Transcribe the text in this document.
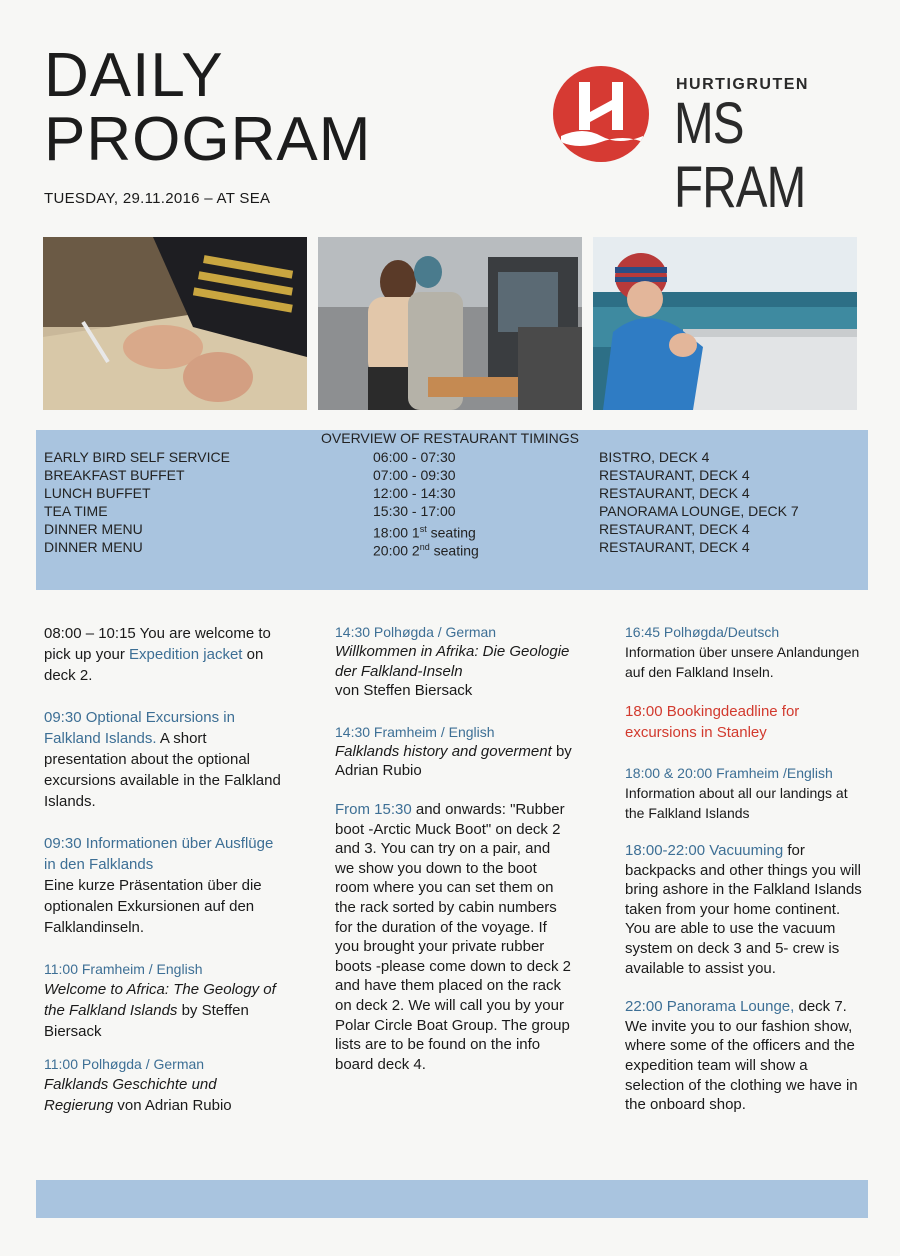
DAILY
PROGRAM
TUESDAY, 29.11.2016 – AT SEA
HURTIGRUTEN
MS FRAM
OVERVIEW OF RESTAURANT TIMINGS
EARLY BIRD SELF SERVICE	06:00 - 07:30	BISTRO, DECK 4
BREAKFAST BUFFET	07:00 - 09:30	RESTAURANT, DECK 4
LUNCH BUFFET	12:00 - 14:30	RESTAURANT, DECK 4
TEA TIME	15:30 - 17:00	PANORAMA LOUNGE, DECK 7
DINNER MENU	18:00 1st seating	RESTAURANT, DECK 4
DINNER MENU	20:00 2nd seating	RESTAURANT, DECK 4

08:00 – 10:15 You are welcome to pick up your Expedition jacket on deck 2.

09:30 Optional Excursions in Falkland Islands. A short presentation about the optional excursions available in the Falkland Islands.

09:30 Informationen über Ausflüge in den Falklands
Eine kurze Präsentation über die optionalen Exkursionen auf den Falklandinseln.

11:00 Framheim / English
Welcome to Africa: The Geology of the Falkland Islands by Steffen Biersack

11:00 Polhøgda / German
Falklands Geschichte und Regierung von Adrian Rubio

14:30 Polhøgda / German
Willkommen in Afrika: Die Geologie der Falkland-Inseln
von Steffen Biersack

14:30 Framheim / English
Falklands history and goverment by Adrian Rubio

From 15:30 and onwards: "Rubber boot -Arctic Muck Boot" on deck 2 and 3. You can try on a pair, and we show you down to the boot room where you can set them on the rack sorted by cabin numbers for the duration of the voyage. If you brought your private rubber boots -please come down to deck 2 and have them placed on the rack on deck 2. We will call you by your Polar Circle Boat Group. The group lists are to be found on the info board deck 4.

16:45 Polhøgda/Deutsch
Information über unsere Anlandungen auf den Falkland Inseln.

18:00 Bookingdeadline for excursions in Stanley

18:00 & 20:00 Framheim /English Information about all our landings at the Falkland Islands

18:00-22:00 Vacuuming for backpacks and other things you will bring ashore in the Falkland Islands taken from your home continent. You are able to use the vacuum system on deck 3 and 5- crew is available to assist you.

22:00 Panorama Lounge, deck 7. We invite you to our fashion show, where some of the officers and the expedition team will show a selection of the clothing we have in the onboard shop.
